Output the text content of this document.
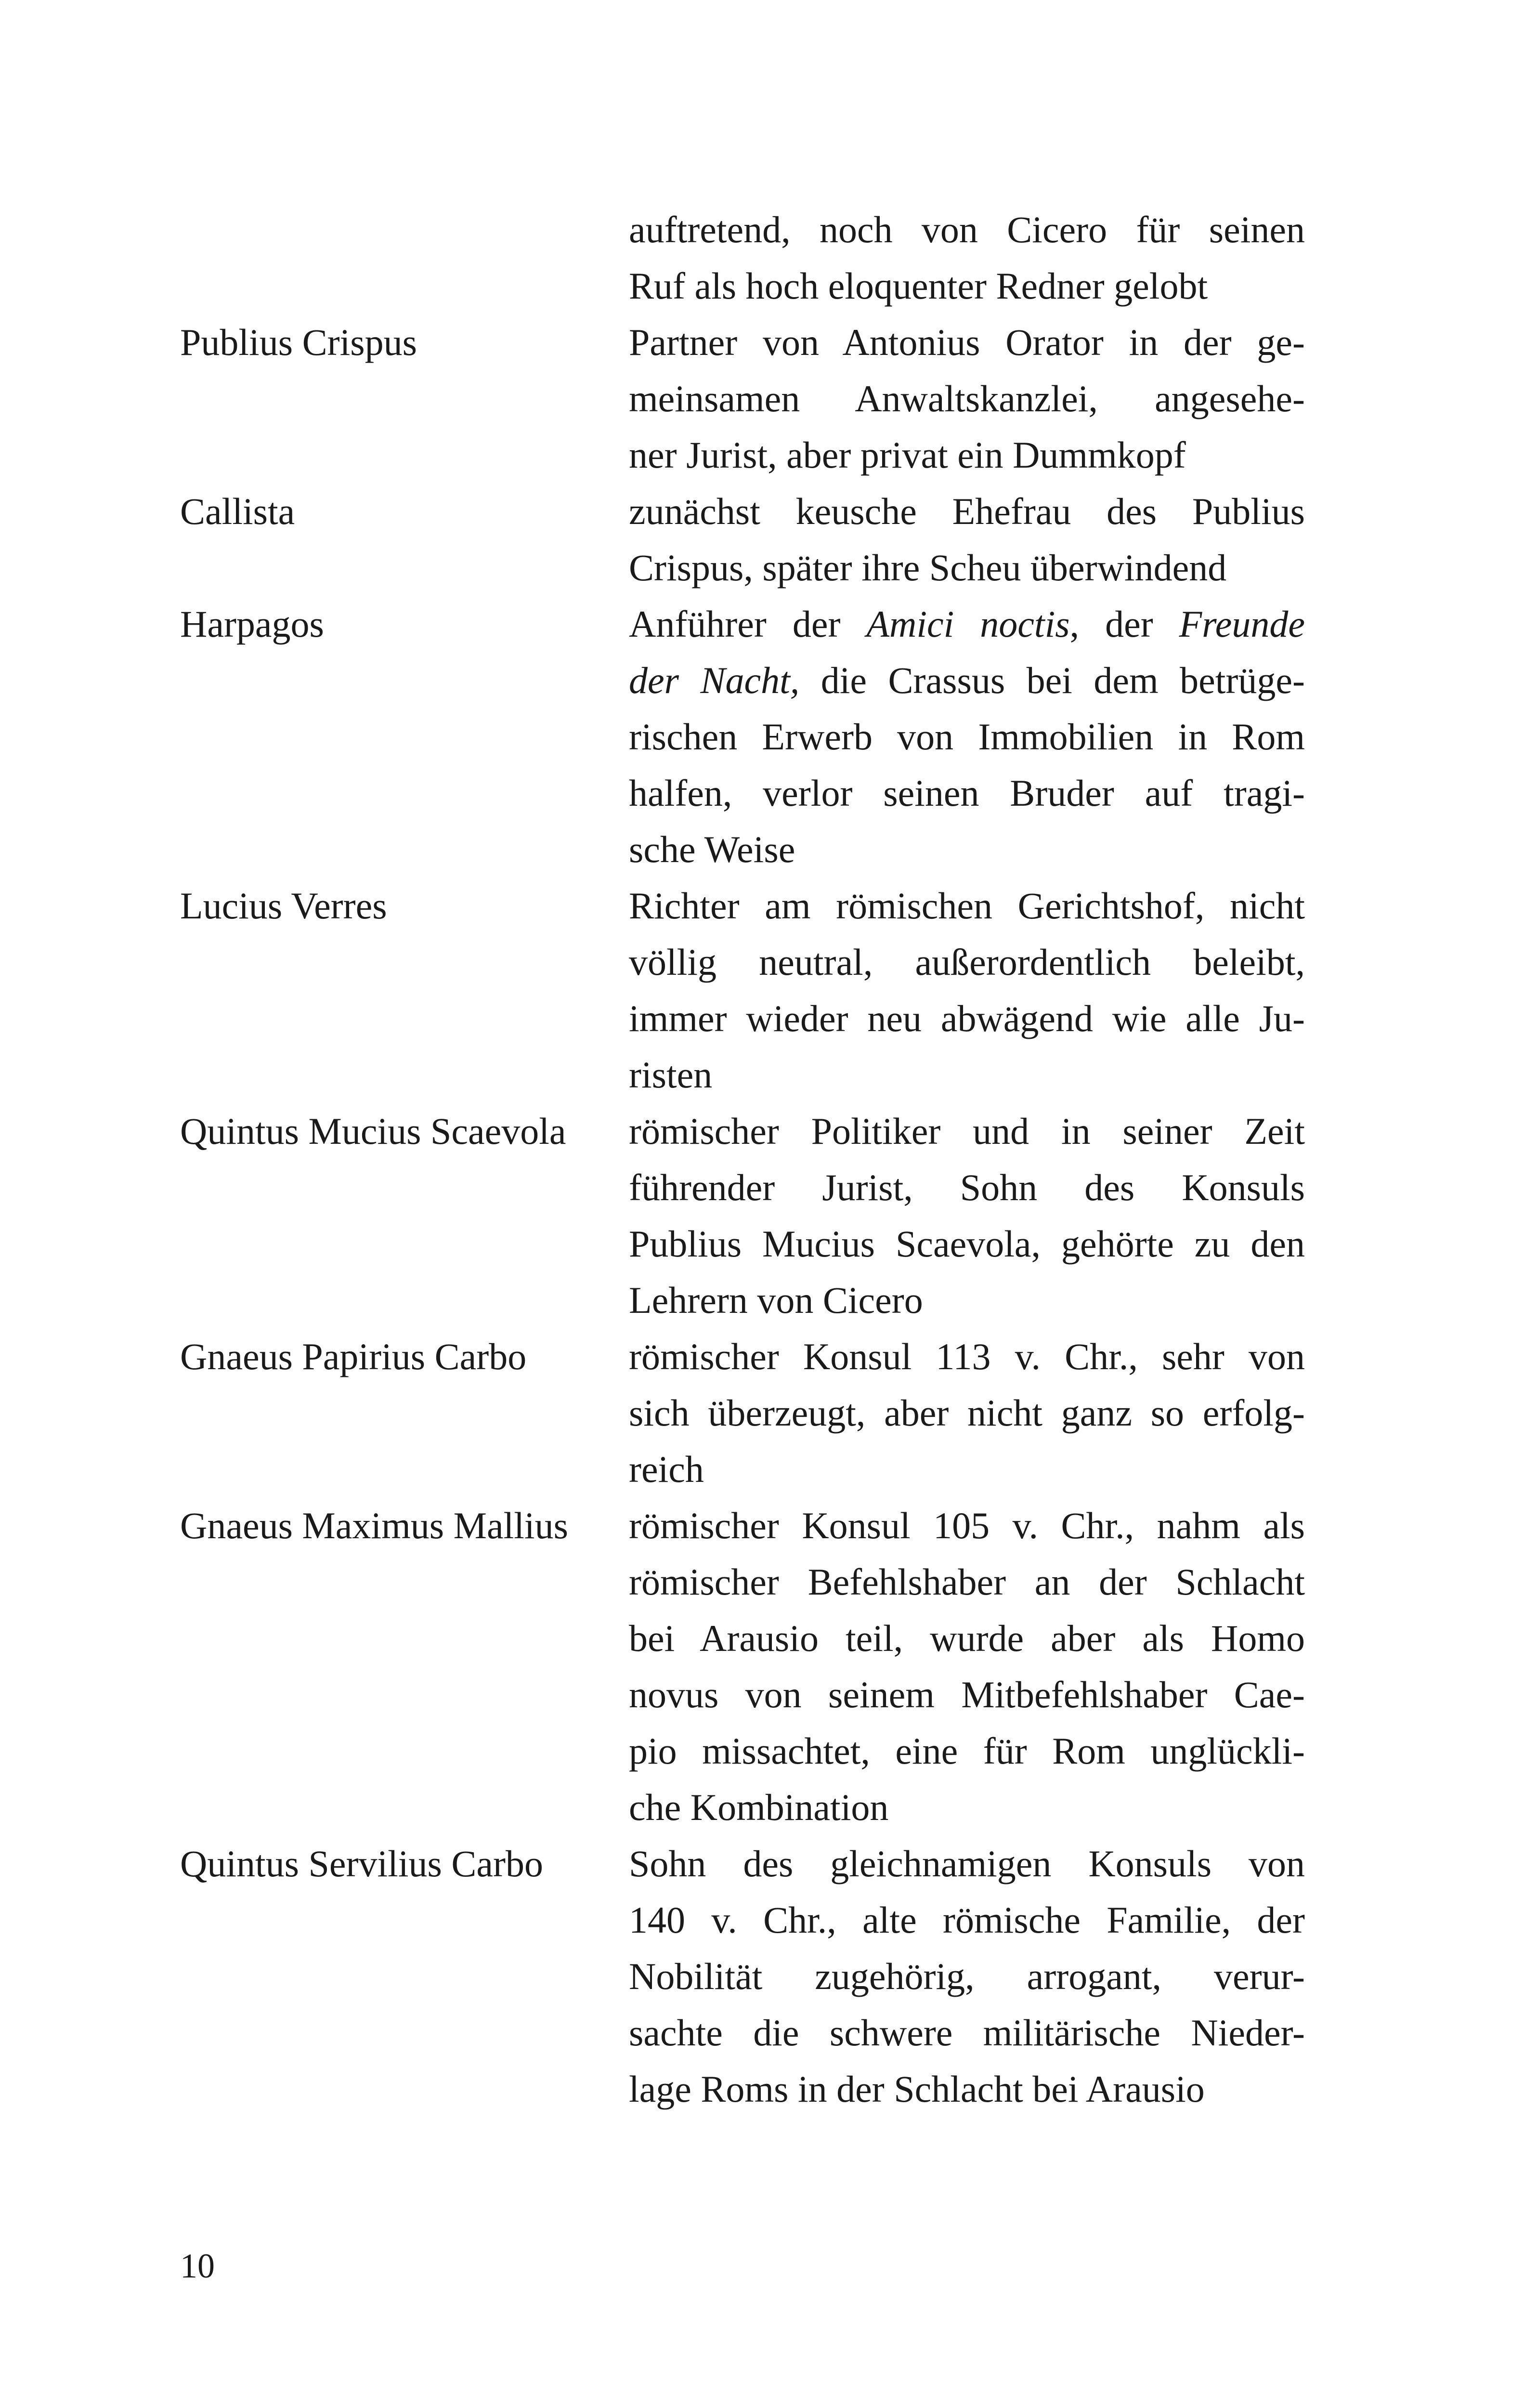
auftretend, noch von Cicero für seinen
Ruf als hoch eloquenter Redner gelobt
Publius Crispus	Partner von Antonius Orator in der ge-
meinsamen Anwaltskanzlei, angesehe-
ner Jurist, aber privat ein Dummkopf
Callista	zunächst keusche Ehefrau des Publius
Crispus, später ihre Scheu überwindend
Harpagos	Anführer der Amici noctis, der Freunde
der Nacht, die Crassus bei dem betrüge-
rischen Erwerb von Immobilien in Rom
halfen, verlor seinen Bruder auf tragi-
sche Weise
Lucius Verres	Richter am römischen Gerichtshof, nicht
völlig neutral, außerordentlich beleibt,
immer wieder neu abwägend wie alle Ju-
risten
Quintus Mucius Scaevola	römischer Politiker und in seiner Zeit
führender Jurist, Sohn des Konsuls
Publius Mucius Scaevola, gehörte zu den
Lehrern von Cicero
Gnaeus Papirius Carbo	römischer Konsul 113 v. Chr., sehr von
sich überzeugt, aber nicht ganz so erfolg-
reich
Gnaeus Maximus Mallius	römischer Konsul 105 v. Chr., nahm als
römischer Befehlshaber an der Schlacht
bei Arausio teil, wurde aber als Homo
novus von seinem Mitbefehlshaber Cae-
pio missachtet, eine für Rom unglückli-
che Kombination
Quintus Servilius Carbo	Sohn des gleichnamigen Konsuls von
140 v. Chr., alte römische Familie, der
Nobilität zugehörig, arrogant, verur-
sachte die schwere militärische Nieder-
lage Roms in der Schlacht bei Arausio
10
